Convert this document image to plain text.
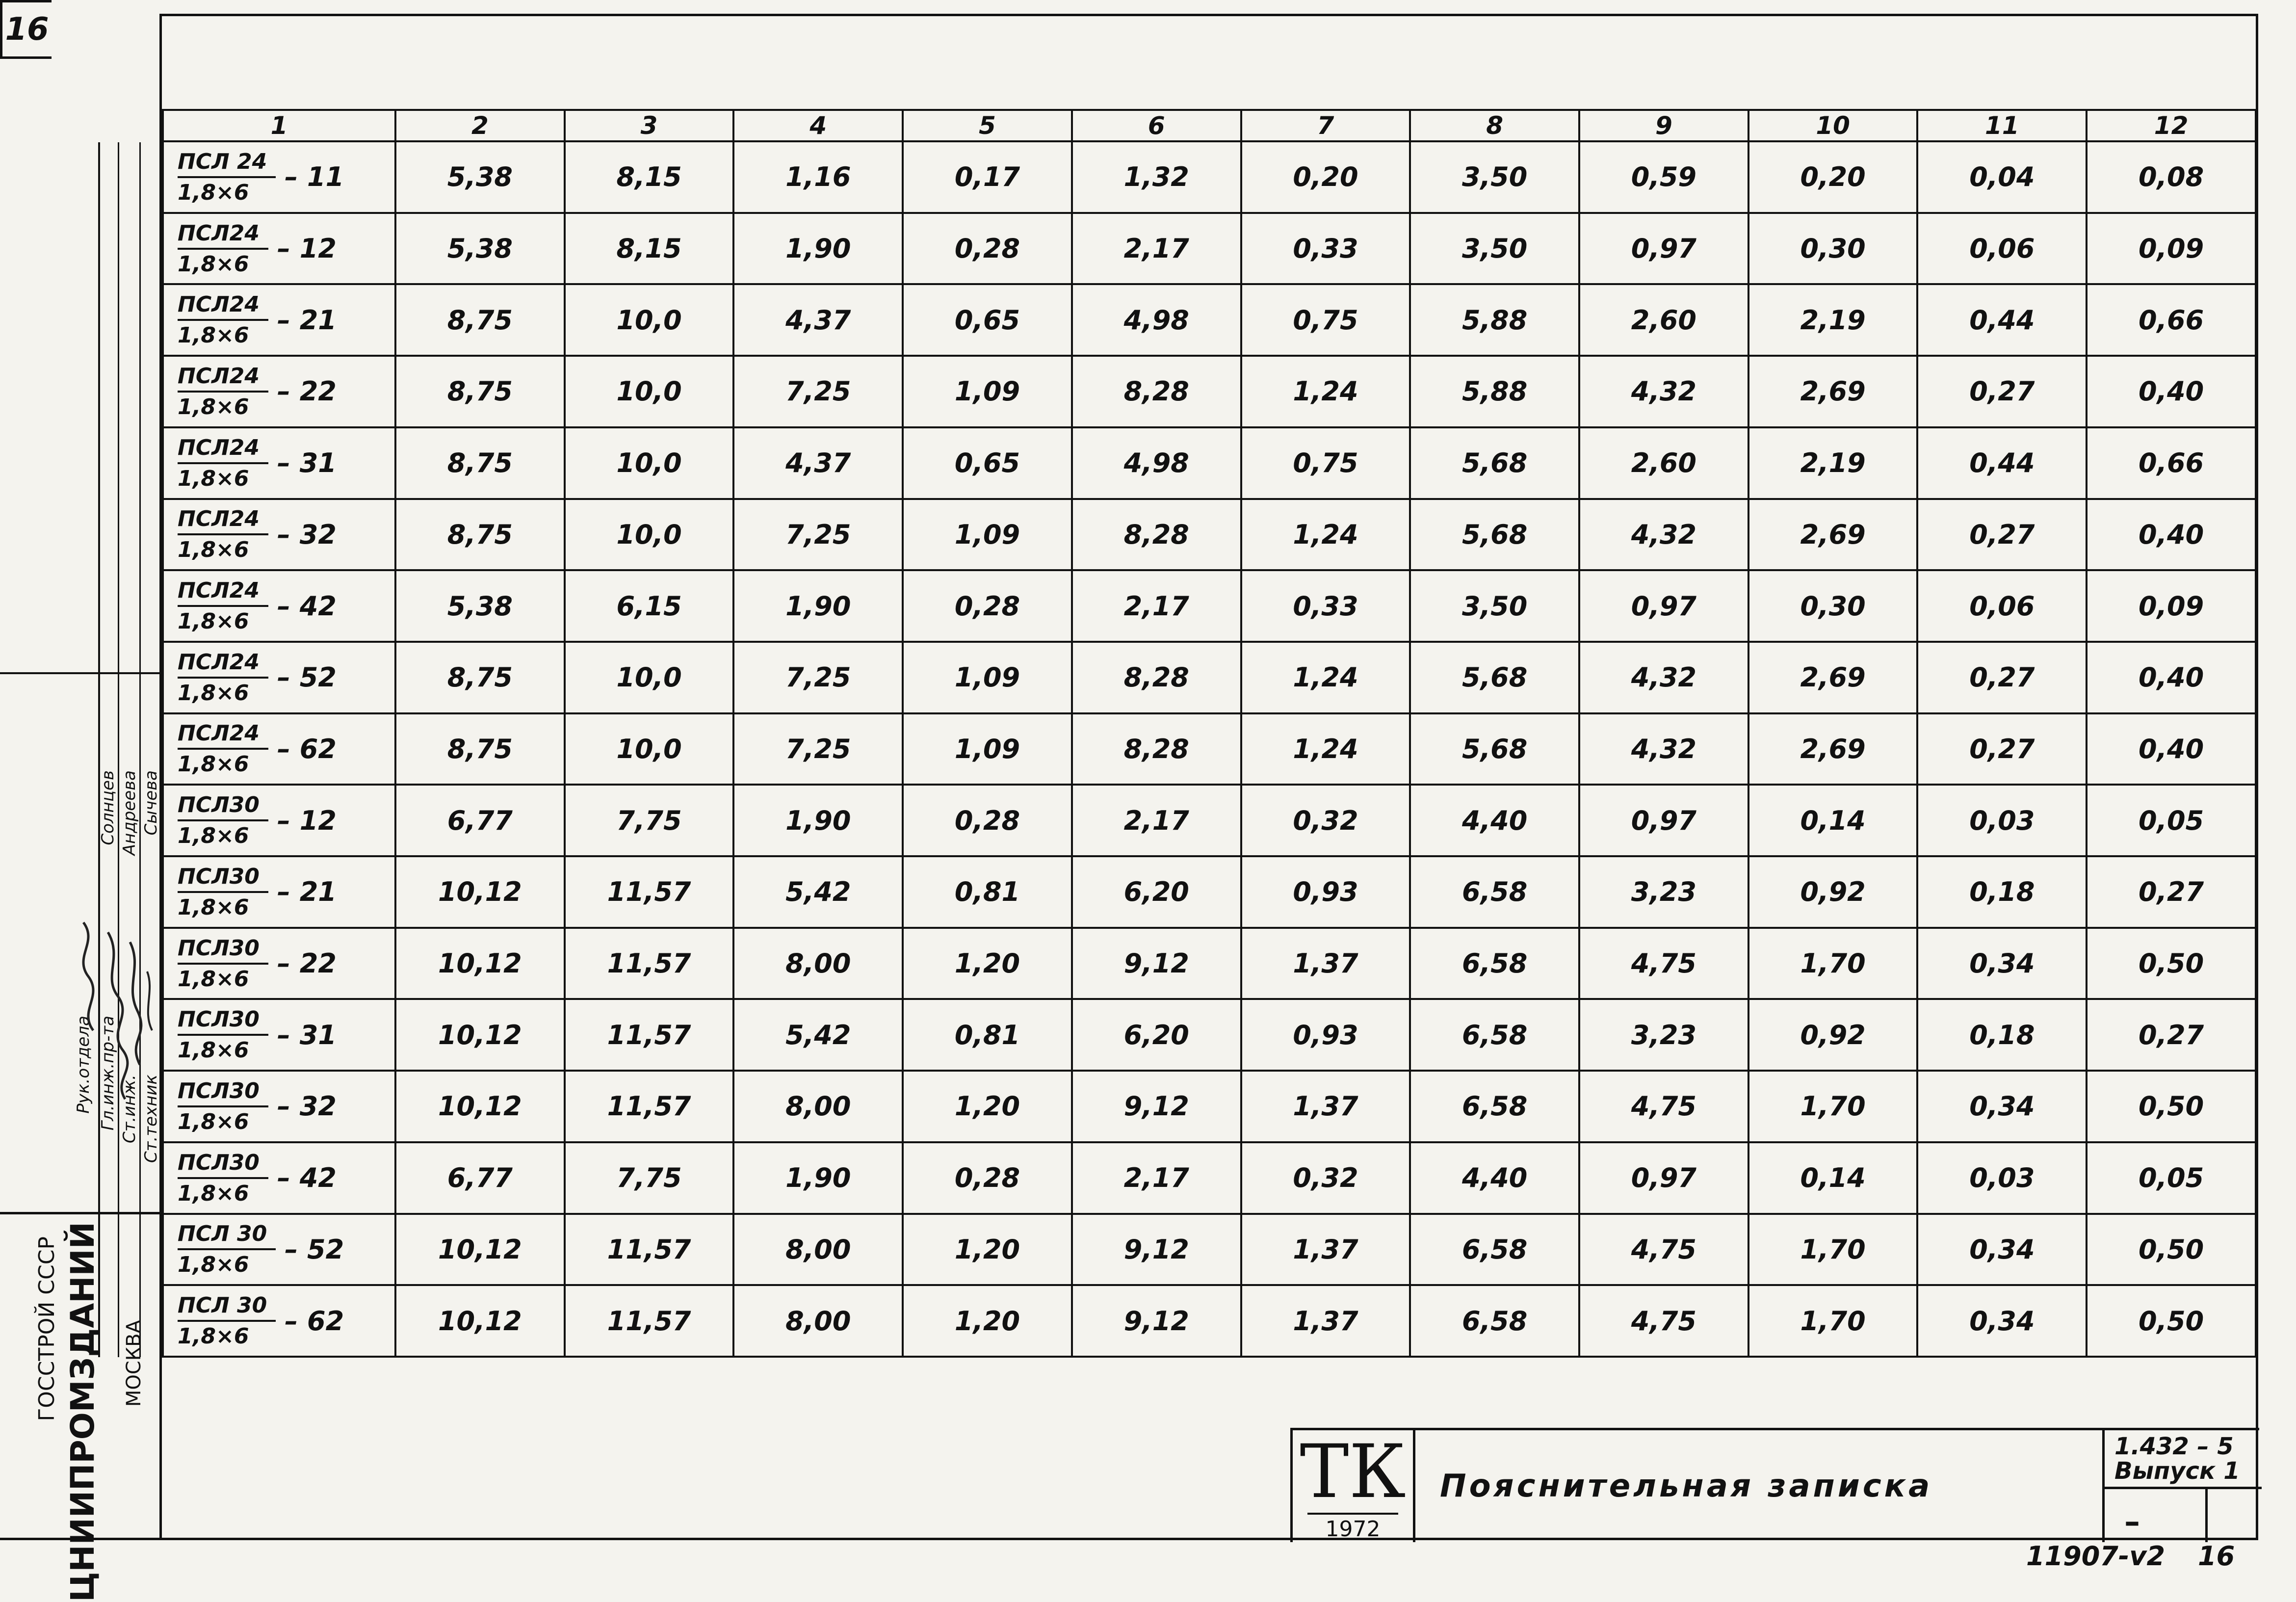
16
1	2	3	4	5	6	7	8	9	10	11	12

$\frac{\text{ПСЛ 24}}{1,8\times 6} - 11$	5,38	8,15	1,16	0,17	1,32	0,20	3,50	0,59	0,20	0,04	0,08

$\frac{\text{ПСЛ24}}{1,8\times 6} - 12$	5,38	8,15	1,90	0,28	2,17	0,33	3,50	0,97	0,30	0,06	0,09

$\frac{\text{ПСЛ24}}{1,8\times 6} - 21$	8,75	10,0	4,37	0,65	4,98	0,75	5,88	2,60	2,19	0,44	0,66

$\frac{\text{ПСЛ24}}{1,8\times 6} - 22$	8,75	10,0	7,25	1,09	8,28	1,24	5,88	4,32	2,69	0,27	0,40

$\frac{\text{ПСЛ24}}{1,8\times 6} - 31$	8,75	10,0	4,37	0,65	4,98	0,75	5,68	2,60	2,19	0,44	0,66

$\frac{\text{ПСЛ24}}{1,8\times 6} - 32$	8,75	10,0	7,25	1,09	8,28	1,24	5,68	4,32	2,69	0,27	0,40

$\frac{\text{ПСЛ24}}{1,8\times 6} - 42$	5,38	6,15	1,90	0,28	2,17	0,33	3,50	0,97	0,30	0,06	0,09

$\frac{\text{ПСЛ24}}{1,8\times 6} - 52$	8,75	10,0	7,25	1,09	8,28	1,24	5,68	4,32	2,69	0,27	0,40

$\frac{\text{ПСЛ24}}{1,8\times 6} - 62$	8,75	10,0	7,25	1,09	8,28	1,24	5,68	4,32	2,69	0,27	0,40

$\frac{\text{ПСЛ30}}{1,8\times 6} - 12$	6,77	7,75	1,90	0,28	2,17	0,32	4,40	0,97	0,14	0,03	0,05

$\frac{\text{ПСЛ30}}{1,8\times 6} - 21$	10,12	11,57	5,42	0,81	6,20	0,93	6,58	3,23	0,92	0,18	0,27

$\frac{\text{ПСЛ30}}{1,8\times 6} - 22$	10,12	11,57	8,00	1,20	9,12	1,37	6,58	4,75	1,70	0,34	0,50

$\frac{\text{ПСЛ30}}{1,8\times 6} - 31$	10,12	11,57	5,42	0,81	6,20	0,93	6,58	3,23	0,92	0,18	0,27

$\frac{\text{ПСЛ30}}{1,8\times 6} - 32$	10,12	11,57	8,00	1,20	9,12	1,37	6,58	4,75	1,70	0,34	0,50

$\frac{\text{ПСЛ30}}{1,8\times 6} - 42$	6,77	7,75	1,90	0,28	2,17	0,32	4,40	0,97	0,14	0,03	0,05

$\frac{\text{ПСЛ 30}}{1,8\times 6} - 52$	10,12	11,57	8,00	1,20	9,12	1,37	6,58	4,75	1,70	0,34	0,50

$\frac{\text{ПСЛ 30}}{1,8\times 6} - 62$	10,12	11,57	8,00	1,20	9,12	1,37	6,58	4,75	1,70	0,34	0,50

ГОССТРОЙ СССР ЦНИИПРОМЗДАНИЙ МОСКВА
Рук.отдела Гл.инж.пр-та Ст.инж. Ст.техник
Солнцев Андреева Сычева
ТК
1972
Пояснительная записка
1.432 – 5
Выпуск 1
–
11907-v2 16
